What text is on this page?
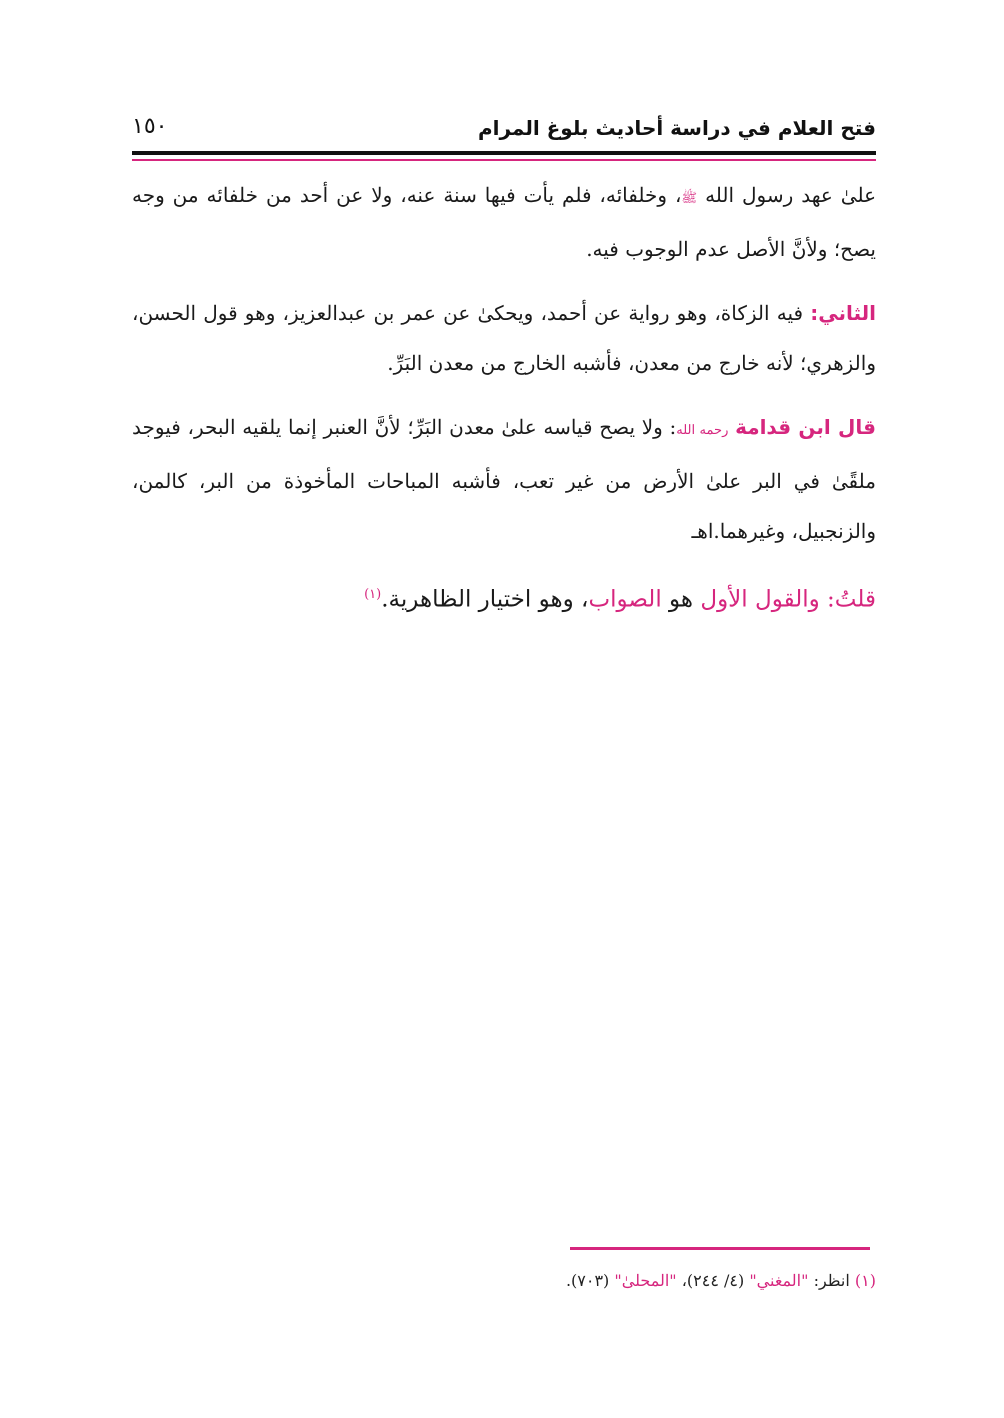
فتح العلام في دراسة أحاديث بلوغ المرام
١٥٠

علىٰ عهد رسول الله ﷺ، وخلفائه، فلم يأت فيها سنة عنه، ولا عن أحد من خلفائه من وجه يصح؛ ولأنَّ الأصل عدم الوجوب فيه.

الثاني: فيه الزكاة، وهو رواية عن أحمد، ويحكىٰ عن عمر بن عبدالعزيز، وهو قول الحسن، والزهري؛ لأنه خارج من معدن، فأشبه الخارج من معدن البَرِّ.

قال ابن قدامة رحمه الله: ولا يصح قياسه علىٰ معدن البَرِّ؛ لأنَّ العنبر إنما يلقيه البحر، فيوجد ملقًىٰ في البر علىٰ الأرض من غير تعب، فأشبه المباحات المأخوذة من البر، كالمن، والزنجبيل، وغيرهما.اهـ

قلتُ: والقول الأول هو الصواب، وهو اختيار الظاهرية.$^{(١)}$

(١) انظر: "المغني" (٤/ ٢٤٤)، "المحلىٰ" (٧٠٣).
